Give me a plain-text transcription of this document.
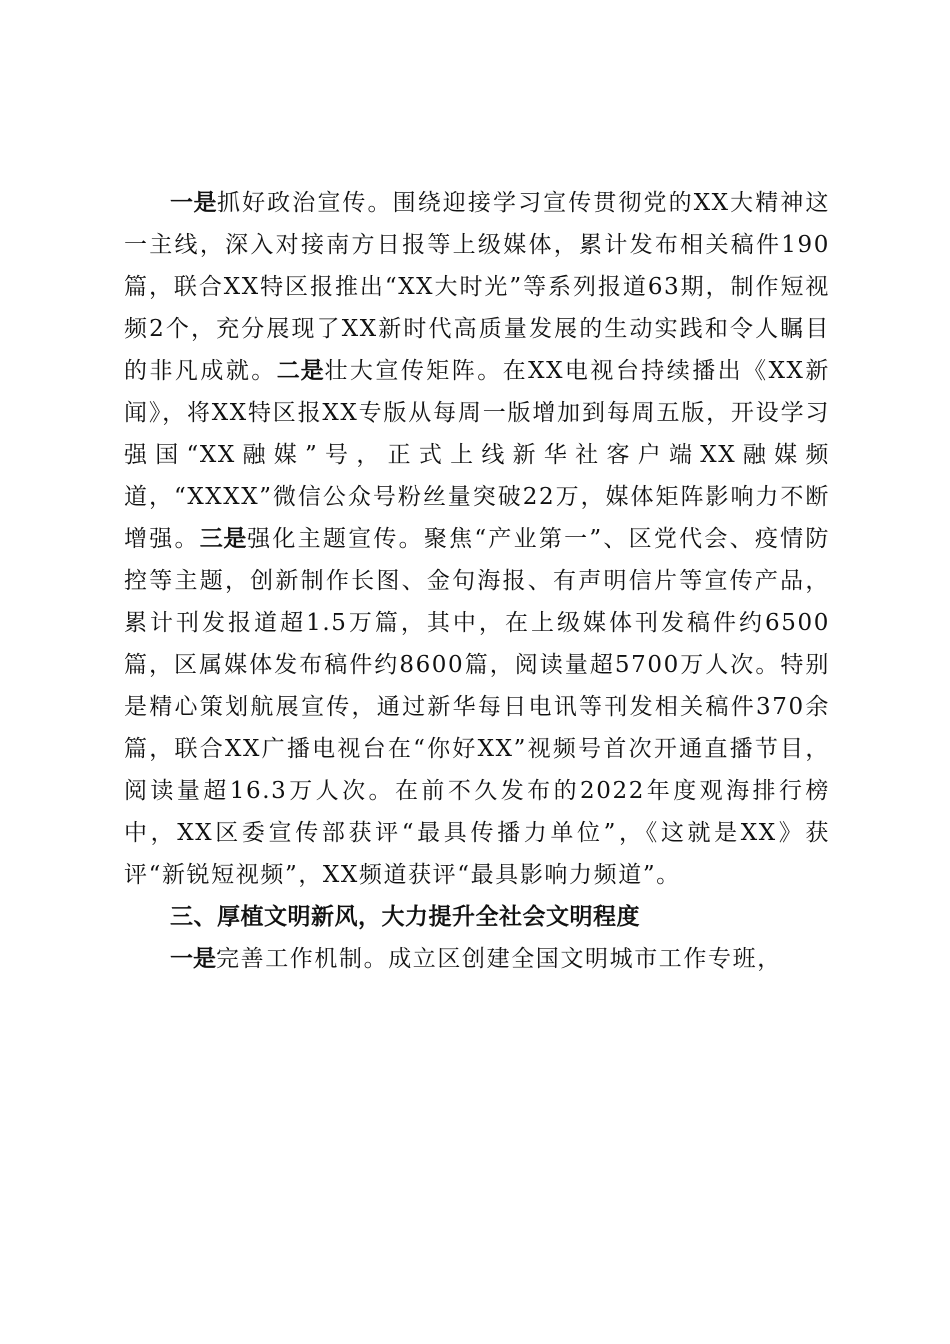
一是抓好政治宣传。围绕迎接学习宣传贯彻党的XX大精神这一主线，深入对接南方日报等上级媒体，累计发布相关稿件190篇，联合XX特区报推出“XX大时光”等系列报道63期，制作短视频2个，充分展现了XX新时代高质量发展的生动实践和令人瞩目的非凡成就。二是壮大宣传矩阵。在XX电视台持续播出《XX新闻》，将XX特区报XX专版从每周一版增加到每周五版，开设学习强国“XX融媒”号，正式上线新华社客户端XX融媒频道，“XXXX”微信公众号粉丝量突破22万，媒体矩阵影响力不断增强。三是强化主题宣传。聚焦“产业第一”、区党代会、疫情防控等主题，创新制作长图、金句海报、有声明信片等宣传产品，累计刊发报道超1.5万篇，其中，在上级媒体刊发稿件约6500篇，区属媒体发布稿件约8600篇，阅读量超5700万人次。特别是精心策划航展宣传，通过新华每日电讯等刊发相关稿件370余篇，联合XX广播电视台在“你好XX”视频号首次开通直播节目，阅读量超16.3万人次。在前不久发布的2022年度观海排行榜中，XX区委宣传部获评“最具传播力单位”，《这就是XX》获评“新锐短视频”，XX频道获评“最具影响力频道”。

三、厚植文明新风，大力提升全社会文明程度

一是完善工作机制。成立区创建全国文明城市工作专班，
